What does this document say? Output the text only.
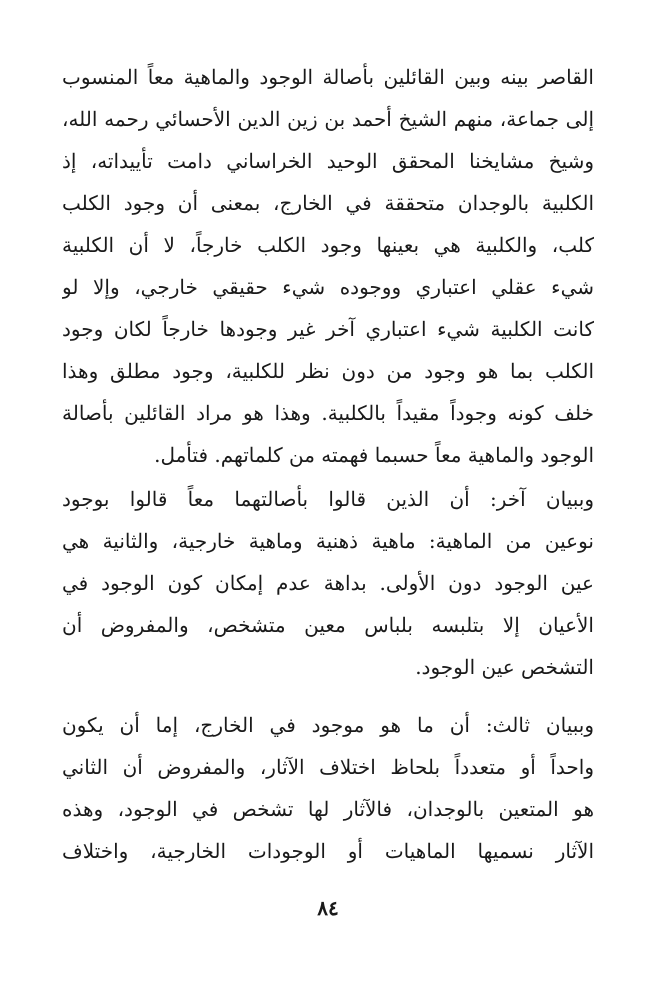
القاصر بينه وبين القائلين بأصالة الوجود والماهية معاً المنسوب
إلى جماعة، منهم الشيخ أحمد بن زين الدين الأحسائي رحمه الله،
وشيخ مشايخنا المحقق الوحيد الخراساني دامت تأييداته، إذ
الكلبية بالوجدان متحققة في الخارج، بمعنى أن وجود الكلب
كلب، والكلبية هي بعينها وجود الكلب خارجاً، لا أن الكلبية
شيء عقلي اعتباري ووجوده شيء حقيقي خارجي، وإلا لو
كانت الكلبية شيء اعتباري آخر غير وجودها خارجاً لكان وجود
الكلب بما هو وجود من دون نظر للكلبية، وجود مطلق وهذا
خلف كونه وجوداً مقيداً بالكلبية. وهذا هو مراد القائلين بأصالة
الوجود والماهية معاً حسبما فهمته من كلماتهم. فتأمل.
وببيان آخر: أن الذين قالوا بأصالتهما معاً قالوا بوجود
نوعين من الماهية: ماهية ذهنية وماهية خارجية، والثانية هي
عين الوجود دون الأولى. بداهة عدم إمكان كون الوجود في
الأعيان إلا بتلبسه بلباس معين متشخص، والمفروض أن
التشخص عين الوجود.
وببيان ثالث: أن ما هو موجود في الخارج، إما أن يكون
واحداً أو متعدداً بلحاظ اختلاف الآثار، والمفروض أن الثاني
هو المتعين بالوجدان، فالآثار لها تشخص في الوجود، وهذه
الآثار نسميها الماهيات أو الوجودات الخارجية، واختلاف
٨٤
